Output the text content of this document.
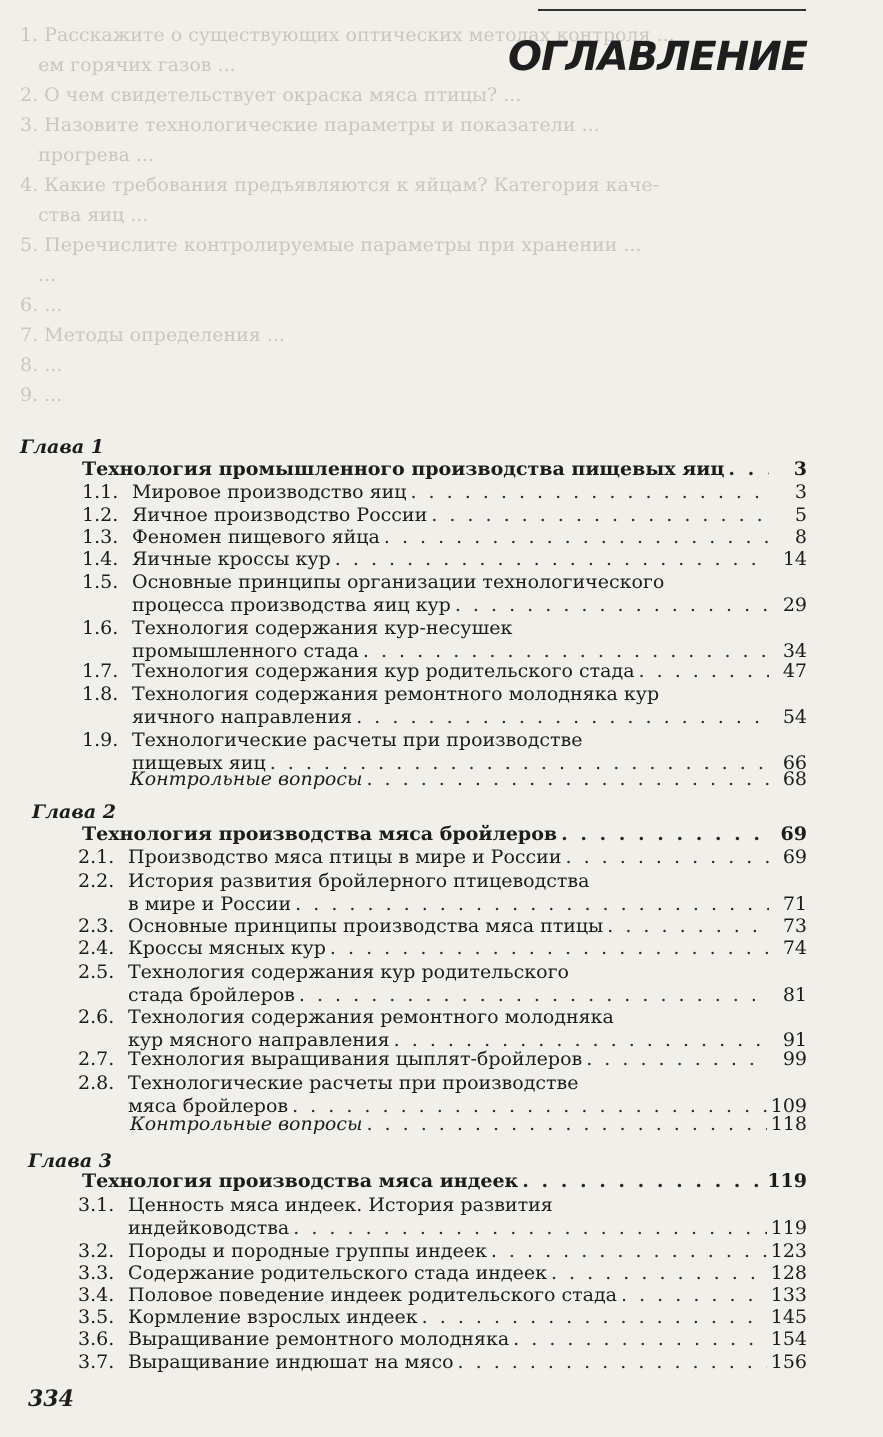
1. Расскажите о существующих оптических методах контроля ...
ем горячих газов ...
2. О чем свидетельствует окраска мяса птицы? ...
3. Назовите технологические параметры и показатели ...
прогрева ...
4. Какие требования предъявляются к яйцам? Категория каче-
ства яиц ...
5. Перечислите контролируемые параметры при хранении ...
...
6. ...
7. Методы определения ...
8. ...
9. ...
ОГЛАВЛЕНИЕ
Глава 1
Технология промышленного производства пищевых яиц . . .	3
1.1. Мировое производство яиц . . .	3
1.2. Яичное производство России . . .	5
1.3. Феномен пищевого яйца . . .	8
1.4. Яичные кроссы кур . . .	14
1.5. Основные принципы организации технологического
процесса производства яиц кур . . .	29
1.6. Технология содержания кур-несушек
промышленного стада . . .	34
1.7. Технология содержания кур родительского стада . . .	47
1.8. Технология содержания ремонтного молодняка кур
яичного направления . . .	54
1.9. Технологические расчеты при производстве
пищевых яиц . . .	66
Контрольные вопросы . . .	68
Глава 2
Технология производства мяса бройлеров . . .	69
2.1. Производство мяса птицы в мире и России . . .	69
2.2. История развития бройлерного птицеводства
в мире и России . . .	71
2.3. Основные принципы производства мяса птицы . . .	73
2.4. Кроссы мясных кур . . .	74
2.5. Технология содержания кур родительского
стада бройлеров . . .	81
2.6. Технология содержания ремонтного молодняка
кур мясного направления . . .	91
2.7. Технология выращивания цыплят-бройлеров . . .	99
2.8. Технологические расчеты при производстве
мяса бройлеров . . .	109
Контрольные вопросы . . .	118
Глава 3
Технология производства мяса индеек . . .	119
3.1. Ценность мяса индеек. История развития
индейководства . . .	119
3.2. Породы и породные группы индеек . . .	123
3.3. Содержание родительского стада индеек . . .	128
3.4. Половое поведение индеек родительского стада . . .	133
3.5. Кормление взрослых индеек . . .	145
3.6. Выращивание ремонтного молодняка . . .	154
3.7. Выращивание индюшат на мясо . . .	156
334
